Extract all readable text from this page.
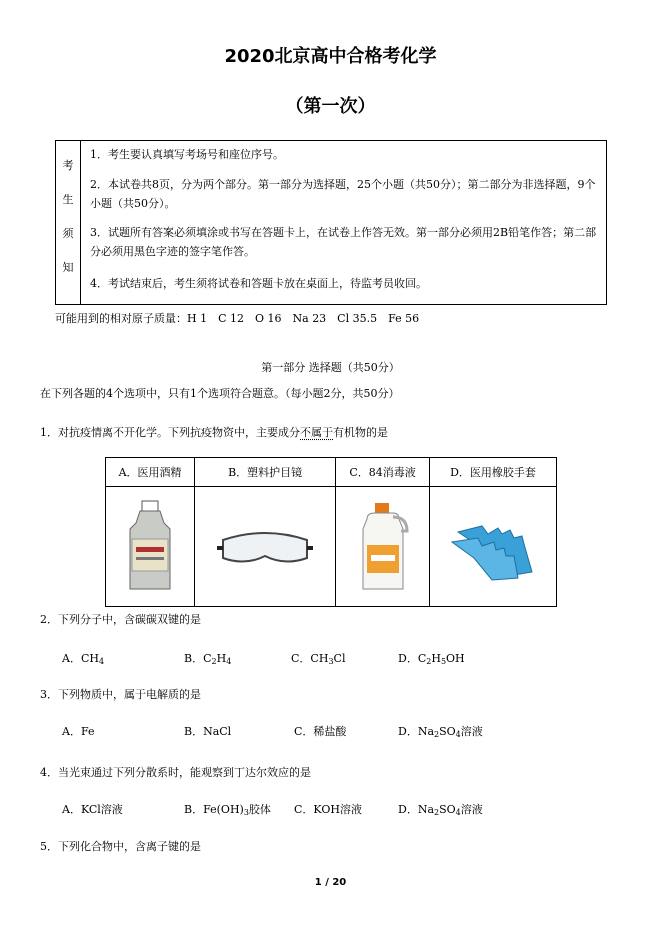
2020北京高中合格考化学
（第一次）
考
生
须
知
1．考生要认真填写考场号和座位序号。
2．本试卷共8页，分为两个部分。第一部分为选择题，25个小题（共50分）；第二部分为非选择题，9个小题（共50分）。
3．试题所有答案必须填涂或书写在答题卡上，在试卷上作答无效。第一部分必须用2B铅笔作答；第二部分必须用黑色字迹的签字笔作答。
4．考试结束后，考生须将试卷和答题卡放在桌面上，待监考员收回。
可能用到的相对原子质量：H 1　C 12　O 16　Na 23　Cl 35.5　Fe 56
第一部分 选择题（共50分）
在下列各题的4个选项中，只有1个选项符合题意。（每小题2分，共50分）
1．对抗疫情离不开化学。下列抗疫物资中，主要成分不属于有机物的是
A．医用酒精	B．塑料护目镜	C．84消毒液	D．医用橡胶手套

2．下列分子中，含碳碳双键的是
A．$CH_4$	B．$C_2H_4$	C．$CH_3Cl$	D．$C_2H_5OH$
3．下列物质中，属于电解质的是
A．Fe	B．NaCl	C．稀盐酸	D．$Na_2SO_4$溶液
4．当光束通过下列分散系时，能观察到丁达尔效应的是
A．KCl溶液	B．$Fe(OH)_3$胶体 C．KOH溶液	D．$Na_2SO_4$溶液
5．下列化合物中，含离子键的是
1 / 20
